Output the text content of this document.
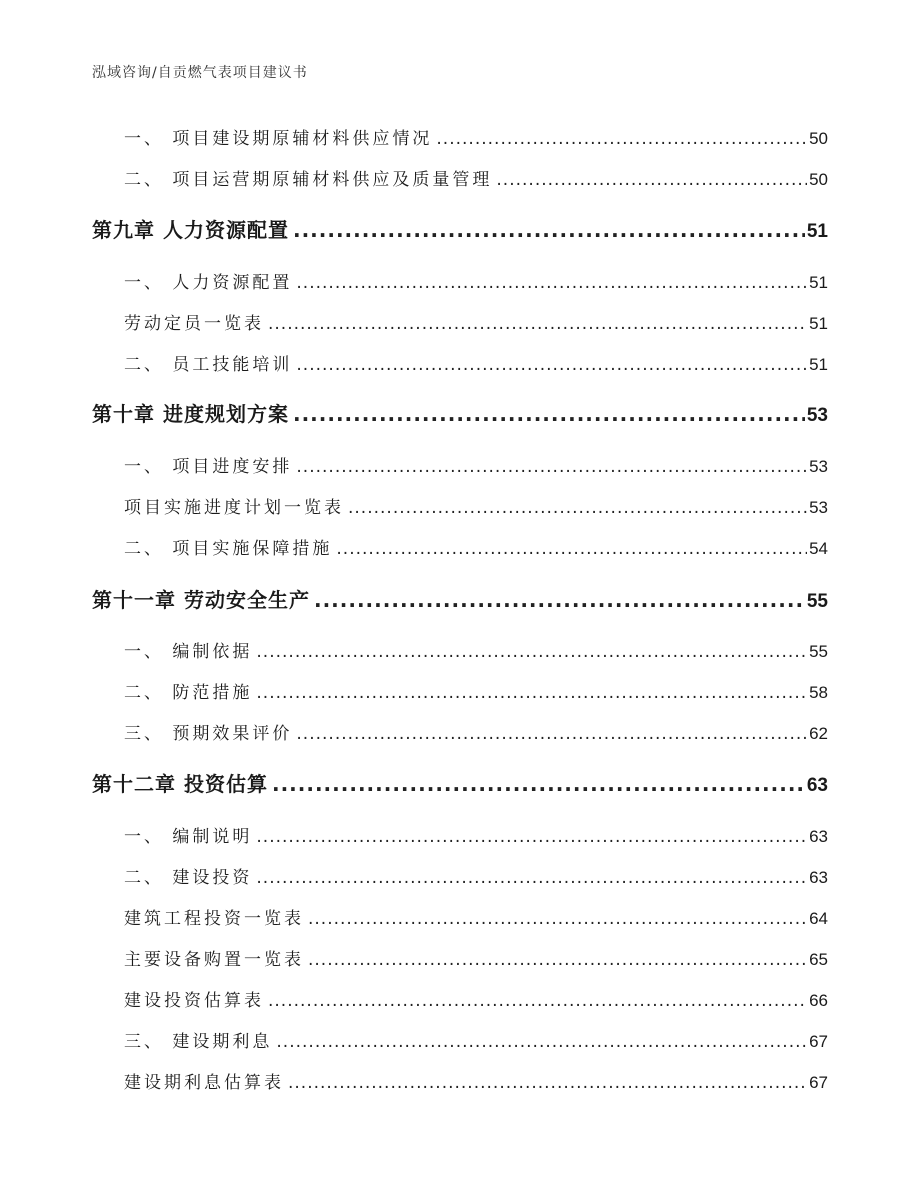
泓域咨询/自贡燃气表项目建议书
一、 项目建设期原辅材料供应情况 .....	50
二、 项目运营期原辅材料供应及质量管理 .....	50
第九章 人力资源配置 .....	51
一、 人力资源配置 .....	51
劳动定员一览表 .....	51
二、 员工技能培训 .....	51
第十章 进度规划方案 .....	53
一、 项目进度安排 .....	53
项目实施进度计划一览表 .....	53
二、 项目实施保障措施 .....	54
第十一章 劳动安全生产 .....	55
一、 编制依据 .....	55
二、 防范措施 .....	58
三、 预期效果评价 .....	62
第十二章 投资估算 .....	63
一、 编制说明 .....	63
二、 建设投资 .....	63
建筑工程投资一览表 .....	64
主要设备购置一览表 .....	65
建设投资估算表 .....	66
三、 建设期利息 .....	67
建设期利息估算表 .....	67
